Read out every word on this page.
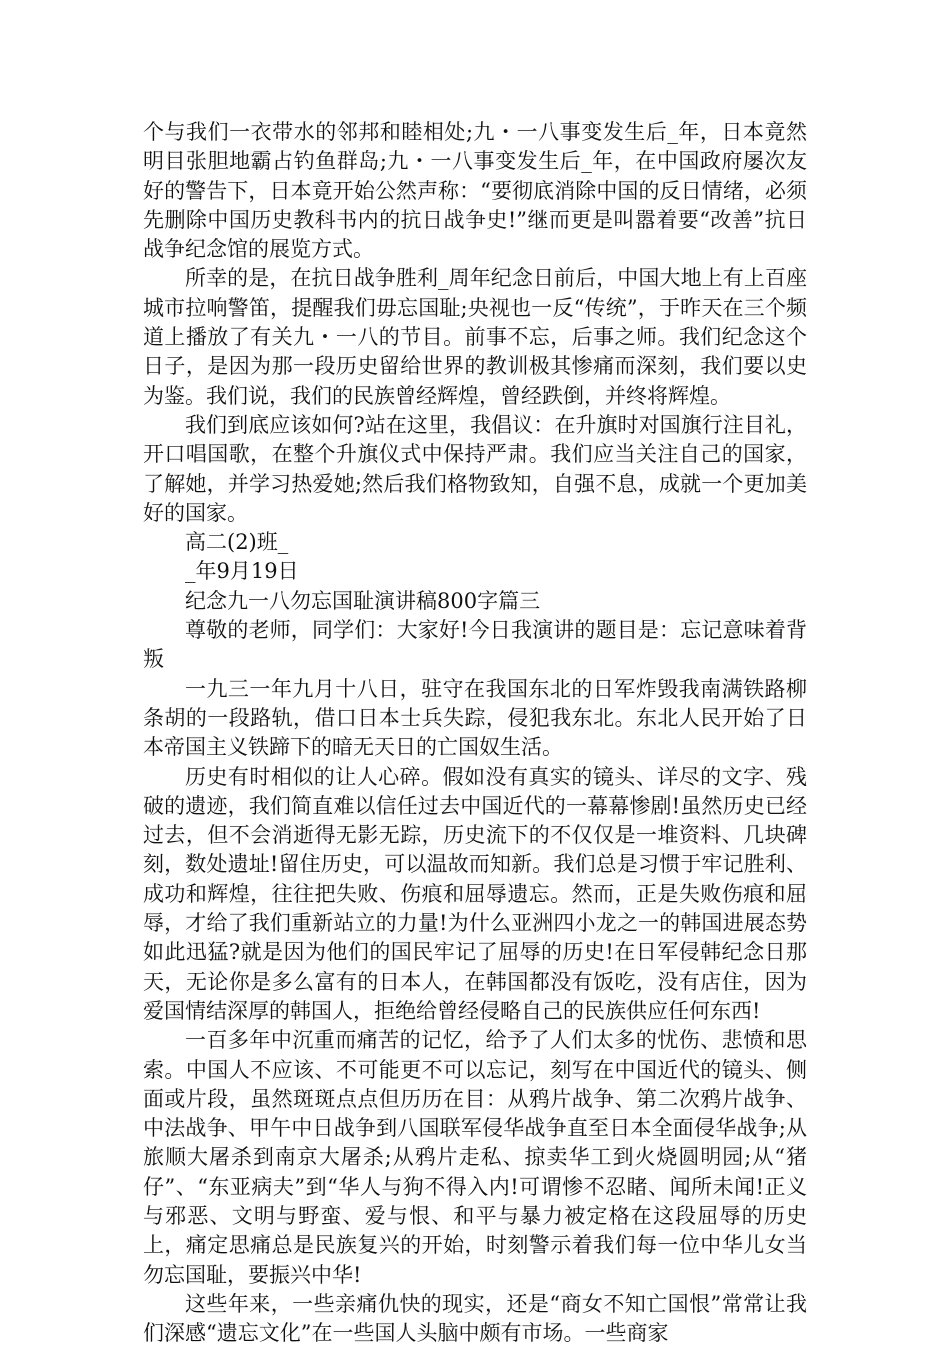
个与我们一衣带水的邻邦和睦相处;九・一八事变发生后_年，日本竟然明目张胆地霸占钓鱼群岛;九・一八事变发生后_年，在中国政府屡次友好的警告下，日本竟开始公然声称：“要彻底消除中国的反日情绪，必须先删除中国历史教科书内的抗日战争史!”继而更是叫嚣着要“改善”抗日战争纪念馆的展览方式。

所幸的是，在抗日战争胜利_周年纪念日前后，中国大地上有上百座城市拉响警笛，提醒我们毋忘国耻;央视也一反“传统”，于昨天在三个频道上播放了有关九・一八的节目。前事不忘，后事之师。我们纪念这个日子，是因为那一段历史留给世界的教训极其惨痛而深刻，我们要以史为鉴。我们说，我们的民族曾经辉煌，曾经跌倒，并终将辉煌。

我们到底应该如何?站在这里，我倡议：在升旗时对国旗行注目礼，开口唱国歌，在整个升旗仪式中保持严肃。我们应当关注自己的国家，了解她，并学习热爱她;然后我们格物致知，自强不息，成就一个更加美好的国家。

高二(2)班_

_年9月19日

纪念九一八勿忘国耻演讲稿800字篇三

尊敬的老师，同学们：大家好!今日我演讲的题目是：忘记意味着背叛

一九三一年九月十八日，驻守在我国东北的日军炸毁我南满铁路柳条胡的一段路轨，借口日本士兵失踪，侵犯我东北。东北人民开始了日本帝国主义铁蹄下的暗无天日的亡国奴生活。

历史有时相似的让人心碎。假如没有真实的镜头、详尽的文字、残破的遗迹，我们简直难以信任过去中国近代的一幕幕惨剧!虽然历史已经过去，但不会消逝得无影无踪，历史流下的不仅仅是一堆资料、几块碑刻，数处遗址!留住历史，可以温故而知新。我们总是习惯于牢记胜利、成功和辉煌，往往把失败、伤痕和屈辱遗忘。然而，正是失败伤痕和屈辱，才给了我们重新站立的力量!为什么亚洲四小龙之一的韩国进展态势如此迅猛?就是因为他们的国民牢记了屈辱的历史!在日军侵韩纪念日那天，无论你是多么富有的日本人，在韩国都没有饭吃，没有店住，因为爱国情结深厚的韩国人，拒绝给曾经侵略自己的民族供应任何东西!

一百多年中沉重而痛苦的记忆，给予了人们太多的忧伤、悲愤和思索。中国人不应该、不可能更不可以忘记，刻写在中国近代的镜头、侧面或片段，虽然斑斑点点但历历在目：从鸦片战争、第二次鸦片战争、中法战争、甲午中日战争到八国联军侵华战争直至日本全面侵华战争;从旅顺大屠杀到南京大屠杀;从鸦片走私、掠卖华工到火烧圆明园;从“猪仔”、“东亚病夫”到“华人与狗不得入内!可谓惨不忍睹、闻所未闻!正义与邪恶、文明与野蛮、爱与恨、和平与暴力被定格在这段屈辱的历史上，痛定思痛总是民族复兴的开始，时刻警示着我们每一位中华儿女当勿忘国耻，要振兴中华!

这些年来，一些亲痛仇快的现实，还是“商女不知亡国恨”常常让我们深感“遗忘文化”在一些国人头脑中颇有市场。一些商家
